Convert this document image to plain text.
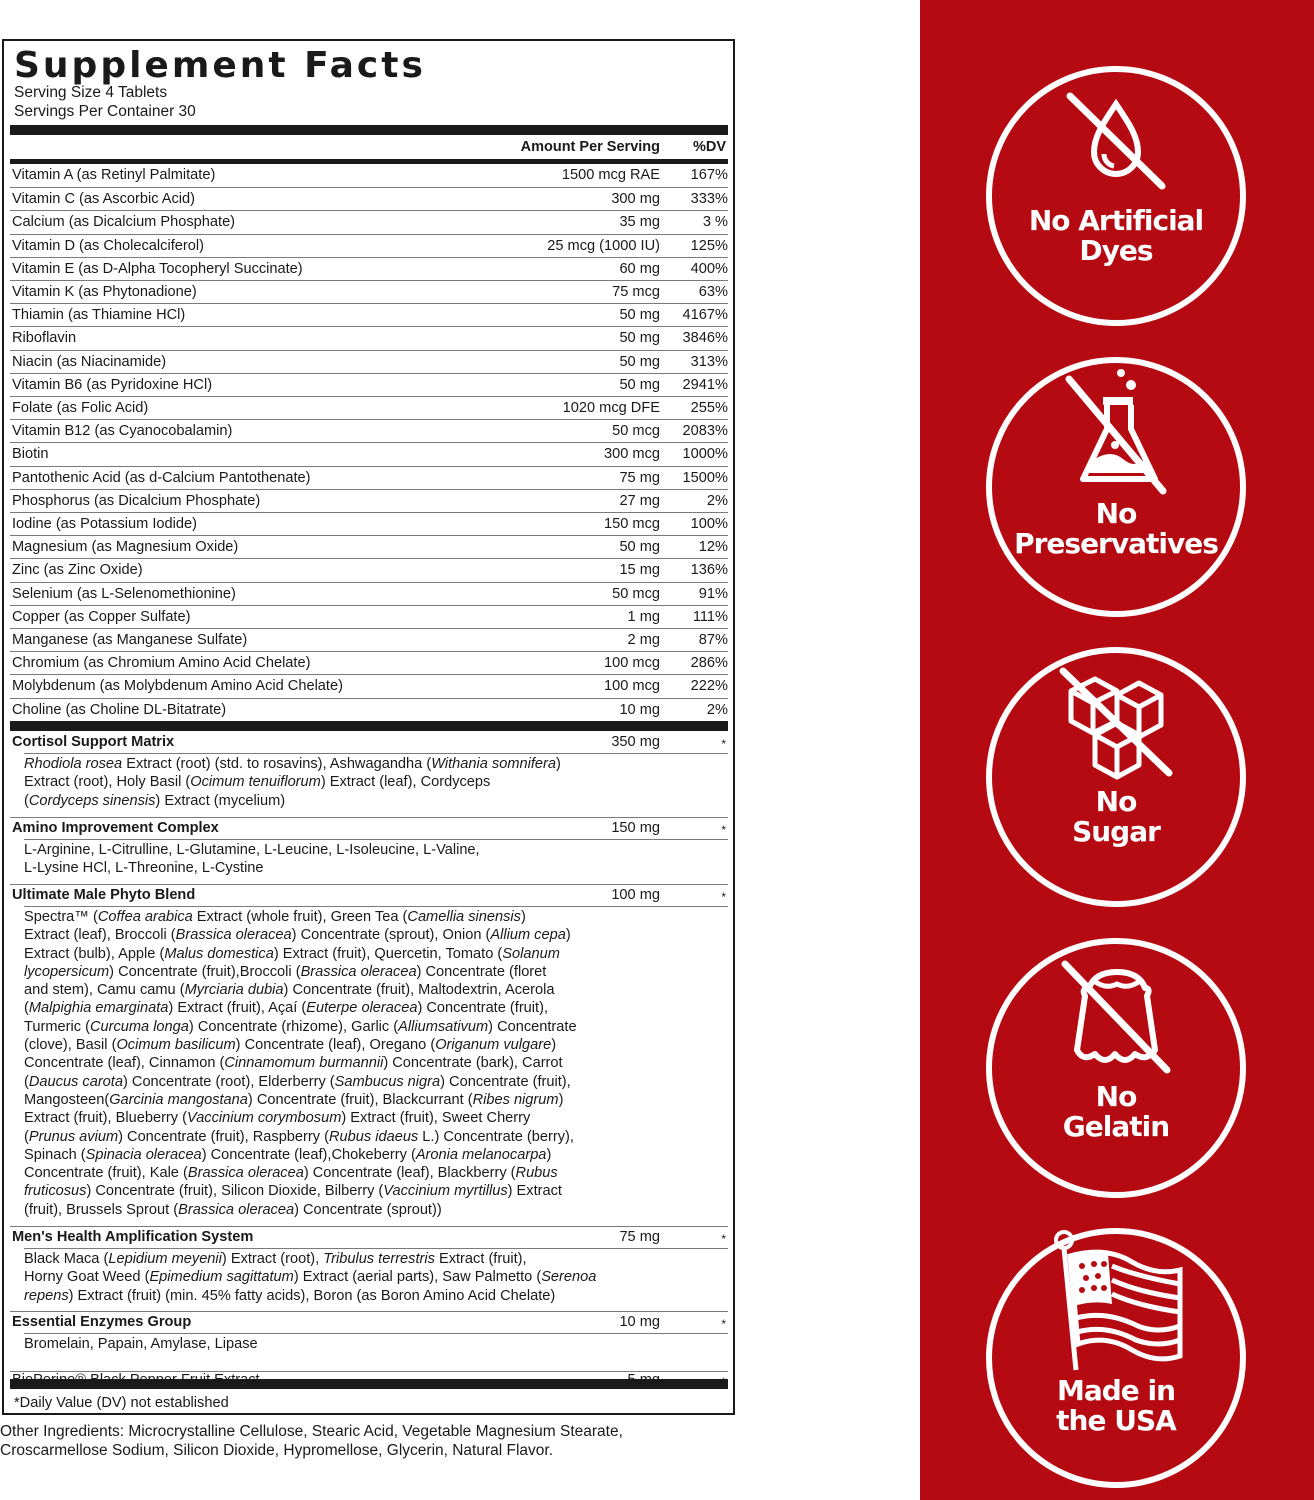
Supplement Facts
Serving Size 4 Tablets
Servings Per Container 30
Amount Per Serving %DV
Vitamin A (as Retinyl Palmitate)	1500 mcg RAE 167%
Vitamin C (as Ascorbic Acid)	300 mg 333%
Calcium (as Dicalcium Phosphate)	35 mg	3 %
Vitamin D (as Cholecalciferol)	25 mcg (1000 IU) 125%
Vitamin E (as D-Alpha Tocopheryl Succinate)	60 mg 400%
Vitamin K (as Phytonadione)	75 mcg	63%
Thiamin (as Thiamine HCl)	50 mg 4167%
Riboflavin	50 mg 3846%
Niacin (as Niacinamide)	50 mg 313%
Vitamin B6 (as Pyridoxine HCl)	50 mg 2941%
Folate (as Folic Acid)	1020 mcg DFE 255%
Vitamin B12 (as Cyanocobalamin)	50 mcg 2083%
Biotin	300 mcg 1000%
Pantothenic Acid (as d-Calcium Pantothenate)	75 mg 1500%
Phosphorus (as Dicalcium Phosphate)	27 mg	2%
Iodine (as Potassium Iodide)	150 mcg 100%
Magnesium (as Magnesium Oxide)	50 mg	12%
Zinc (as Zinc Oxide)	15 mg 136%
Selenium (as L-Selenomethionine)	50 mcg	91%
Copper (as Copper Sulfate)	1 mg 111%
Manganese (as Manganese Sulfate)	2 mg	87%
Chromium (as Chromium Amino Acid Chelate)	100 mcg 286%
Molybdenum (as Molybdenum Amino Acid Chelate)	100 mcg 222%
Choline (as Choline DL-Bitatrate)	10 mg	2%
Cortisol Support Matrix	350 mg	*
Rhodiola rosea Extract (root) (std. to rosavins), Ashwagandha (Withania somnifera)
Extract (root), Holy Basil (Ocimum tenuiflorum) Extract (leaf), Cordyceps
(Cordyceps sinensis) Extract (mycelium)
Amino Improvement Complex	150 mg	*
L-Arginine, L-Citrulline, L-Glutamine, L-Leucine, L-Isoleucine, L-Valine,
L-Lysine HCl, L-Threonine, L-Cystine
Ultimate Male Phyto Blend	100 mg	*
Spectra™ (Coffea arabica Extract (whole fruit), Green Tea (Camellia sinensis)
Extract (leaf), Broccoli (Brassica oleracea) Concentrate (sprout), Onion (Allium cepa)
Extract (bulb), Apple (Malus domestica) Extract (fruit), Quercetin, Tomato (Solanum
lycopersicum) Concentrate (fruit),Broccoli (Brassica oleracea) Concentrate (floret
and stem), Camu camu (Myrciaria dubia) Concentrate (fruit), Maltodextrin, Acerola
(Malpighia emarginata) Extract (fruit), Açaí (Euterpe oleracea) Concentrate (fruit),
Turmeric (Curcuma longa) Concentrate (rhizome), Garlic (Alliumsativum) Concentrate
(clove), Basil (Ocimum basilicum) Concentrate (leaf), Oregano (Origanum vulgare)
Concentrate (leaf), Cinnamon (Cinnamomum burmannii) Concentrate (bark), Carrot
(Daucus carota) Concentrate (root), Elderberry (Sambucus nigra) Concentrate (fruit),
Mangosteen(Garcinia mangostana) Concentrate (fruit), Blackcurrant (Ribes nigrum)
Extract (fruit), Blueberry (Vaccinium corymbosum) Extract (fruit), Sweet Cherry
(Prunus avium) Concentrate (fruit), Raspberry (Rubus idaeus L.) Concentrate (berry),
Spinach (Spinacia oleracea) Concentrate (leaf),Chokeberry (Aronia melanocarpa)
Concentrate (fruit), Kale (Brassica oleracea) Concentrate (leaf), Blackberry (Rubus
fruticosus) Concentrate (fruit), Silicon Dioxide, Bilberry (Vaccinium myrtillus) Extract
(fruit), Brussels Sprout (Brassica oleracea) Concentrate (sprout))
Men's Health Amplification System	75 mg	*
Black Maca (Lepidium meyenii) Extract (root), Tribulus terrestris Extract (fruit),
Horny Goat Weed (Epimedium sagittatum) Extract (aerial parts), Saw Palmetto (Serenoa
repens) Extract (fruit) (min. 45% fatty acids), Boron (as Boron Amino Acid Chelate)
Essential Enzymes Group	10 mg	*
Bromelain, Papain, Amylase, Lipase
*Daily Value (DV) not established
Other Ingredients: Microcrystalline Cellulose, Stearic Acid, Vegetable Magnesium Stearate, Croscarmellose Sodium, Silicon Dioxide, Hypromellose, Glycerin, Natural Flavor.
No Artificial
Dyes
No
Preservatives
No
Sugar
No
Gelatin
Made in
the USA
